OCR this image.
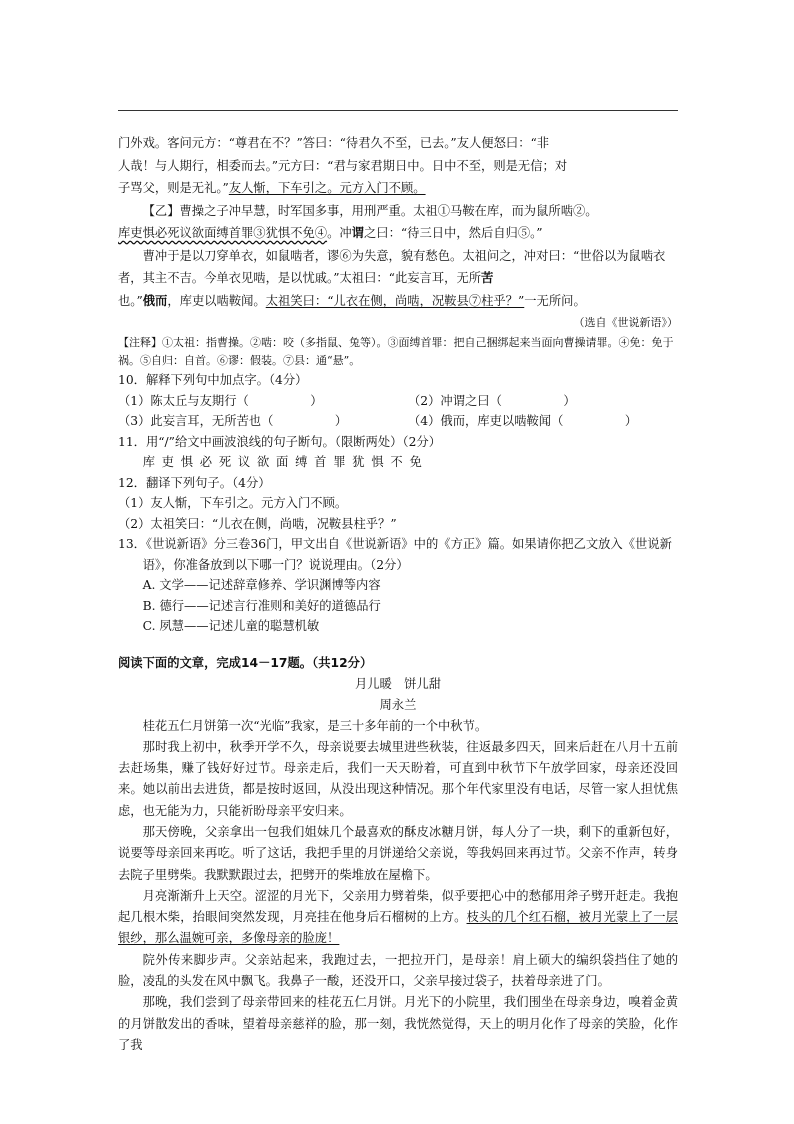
门外戏。客问元方：“尊君在不？”答曰：“待君久不至，已去。”友人便怒曰：“非
人哉！与人期行，相委而去。”元方曰：“君与家君期日中。日中不至，则是无信；对
子骂父，则是无礼。”友人惭，下车引之。元方入门不顾。
【乙】曹操之子冲早慧，时军国多事，用刑严重。太祖①马鞍在库，而为鼠所啮②。
库吏惧必死议欲面缚首罪③犹惧不免④。冲谓之曰：“待三日中，然后自归⑤。”
曹冲于是以刀穿单衣，如鼠啮者，谬⑥为失意，貌有愁色。太祖问之，冲对曰：“世俗以为鼠啮衣
者，其主不吉。今单衣见啮，是以忧戚。”太祖曰：“此妄言耳，无所苦
也。”俄而，库吏以啮鞍闻。太祖笑曰：“儿衣在侧，尚啮，况鞍县⑦柱乎？”一无所问。
（选自《世说新语》）
【注释】①太祖：指曹操。②啮：咬（多指鼠、兔等）。③面缚首罪：把自己捆绑起来当面向曹操请罪。④免：免于祸。⑤自归：自首。⑥谬：假装。⑦县：通“悬”。
10．解释下列句中加点字。（4分）
（1）陈太丘与友期行（　　　　　）	（2）冲谓之曰（　　　　　）
（3）此妄言耳，无所苦也（　　　　　）	（4）俄而，库吏以啮鞍闻（　　　　　）
11．用“/”给文中画波浪线的句子断句。（限断两处）（2分）
库吏惧必死议欲面缚首罪犹惧不免
12．翻译下列句子。（4分）
（1）友人惭，下车引之。元方入门不顾。
（2）太祖笑曰：“儿衣在侧，尚啮，况鞍县柱乎？”
13．《世说新语》分三卷36门，甲文出自《世说新语》中的《方正》篇。如果请你把乙文放入《世说新
语》，你准备放到以下哪一门？说说理由。（2分）
A. 文学——记述辞章修养、学识渊博等内容
B. 德行——记述言行准则和美好的道德品行
C. 夙慧——记述儿童的聪慧机敏
阅读下面的文章，完成14－17题。（共12分）
月儿暖　饼儿甜
周永兰
桂花五仁月饼第一次“光临”我家，是三十多年前的一个中秋节。
那时我上初中，秋季开学不久，母亲说要去城里进些秋装，往返最多四天，回来后赶在八月十五前去赶场集，赚了钱好好过节。母亲走后，我们一天天盼着，可直到中秋节下午放学回家，母亲还没回来。她以前出去进货，都是按时返回，从没出现这种情况。那个年代家里没有电话，尽管一家人担忧焦虑，也无能为力，只能祈盼母亲平安归来。
那天傍晚，父亲拿出一包我们姐妹几个最喜欢的酥皮冰糖月饼，每人分了一块，剩下的重新包好，说要等母亲回来再吃。听了这话，我把手里的月饼递给父亲说，等我妈回来再过节。父亲不作声，转身去院子里劈柴。我默默跟过去，把劈开的柴堆放在屋檐下。
月亮渐渐升上天空。涩涩的月光下，父亲用力劈着柴，似乎要把心中的愁郁用斧子劈开赶走。我抱起几根木柴，抬眼间突然发现，月亮挂在他身后石榴树的上方。枝头的几个红石榴，被月光蒙上了一层银纱，那么温婉可亲，多像母亲的脸庞！
院外传来脚步声。父亲站起来，我跑过去，一把拉开门，是母亲！肩上硕大的编织袋挡住了她的脸，凌乱的头发在风中飘飞。我鼻子一酸，还没开口，父亲早接过袋子，扶着母亲进了门。
那晚，我们尝到了母亲带回来的桂花五仁月饼。月光下的小院里，我们围坐在母亲身边，嗅着金黄的月饼散发出的香味，望着母亲慈祥的脸，那一刻，我恍然觉得，天上的明月化作了母亲的笑脸，化作了我
